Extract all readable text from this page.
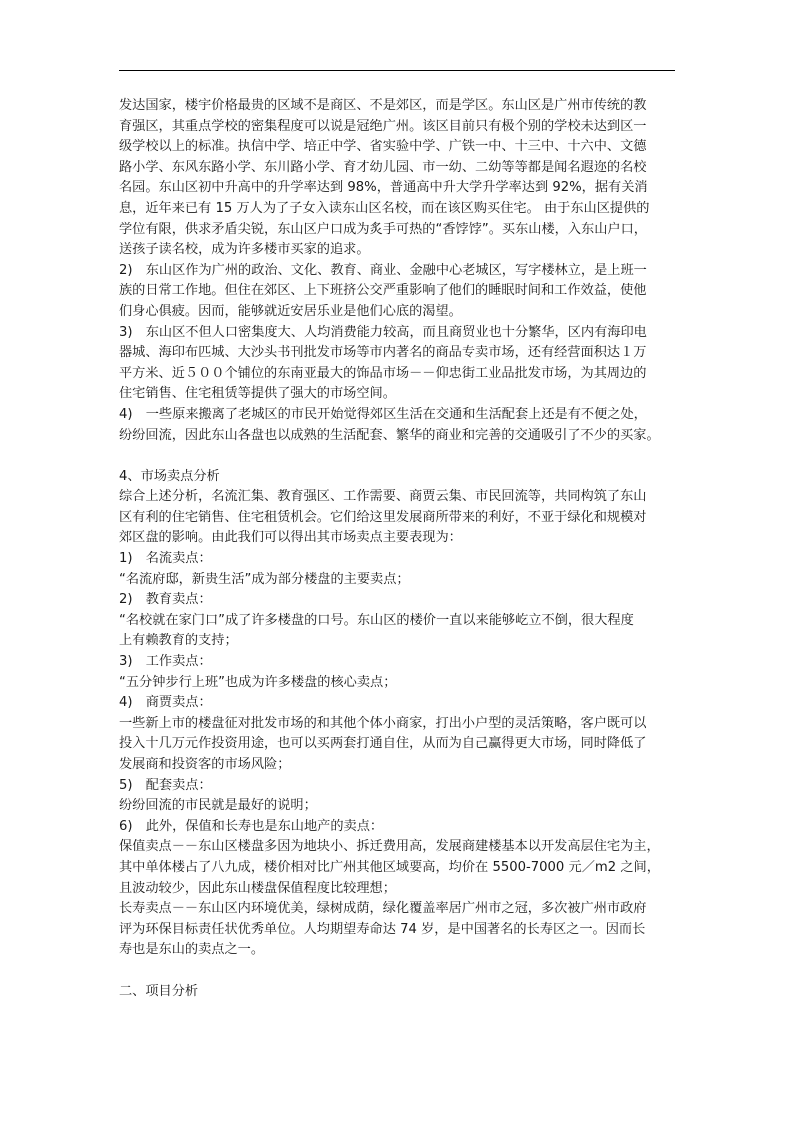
发达国家，楼宇价格最贵的区域不是商区、不是郊区，而是学区。东山区是广州市传统的教

育强区，其重点学校的密集程度可以说是冠绝广州。该区目前只有极个别的学校未达到区一

级学校以上的标准。执信中学、培正中学、省实验中学、广铁一中、十三中、十六中、文德

路小学、东风东路小学、东川路小学、育才幼儿园、市一幼、二幼等等都是闻名遐迩的名校

名园。东山区初中升高中的升学率达到 98%，普通高中升大学升学率达到 92%，据有关消

息，近年来已有 15 万人为了子女入读东山区名校，而在该区购买住宅。 由于东山区提供的

学位有限，供求矛盾尖锐，东山区户口成为炙手可热的“香饽饽”。买东山楼，入东山户口，

送孩子读名校，成为许多楼市买家的追求。

2)　东山区作为广州的政治、文化、教育、商业、金融中心老城区，写字楼林立，是上班一

族的日常工作地。但住在郊区、上下班挤公交严重影响了他们的睡眠时间和工作效益，使他

们身心俱疲。因而，能够就近安居乐业是他们心底的渴望。

3)　东山区不但人口密集度大、人均消费能力较高，而且商贸业也十分繁华，区内有海印电

器城、海印布匹城、大沙头书刊批发市场等市内著名的商品专卖市场，还有经营面积达１万

平方米、近５００个铺位的东南亚最大的饰品市场－－仰忠街工业品批发市场，为其周边的

住宅销售、住宅租赁等提供了强大的市场空间。

4)　一些原来搬离了老城区的市民开始觉得郊区生活在交通和生活配套上还是有不便之处，

纷纷回流，因此东山各盘也以成熟的生活配套、繁华的商业和完善的交通吸引了不少的买家。

4、市场卖点分析

综合上述分析，名流汇集、教育强区、工作需要、商贾云集、市民回流等，共同构筑了东山

区有利的住宅销售、住宅租赁机会。它们给这里发展商所带来的利好，不亚于绿化和规模对

郊区盘的影响。由此我们可以得出其市场卖点主要表现为：

1)　名流卖点：

“名流府邸，新贵生活”成为部分楼盘的主要卖点；

2)　教育卖点：

“名校就在家门口”成了许多楼盘的口号。东山区的楼价一直以来能够屹立不倒，很大程度

上有赖教育的支持；

3)　工作卖点：

“五分钟步行上班”也成为许多楼盘的核心卖点；

4)　商贾卖点：

一些新上市的楼盘征对批发市场的和其他个体小商家，打出小户型的灵活策略，客户既可以

投入十几万元作投资用途，也可以买两套打通自住，从而为自己赢得更大市场，同时降低了

发展商和投资客的市场风险；

5)　配套卖点：

纷纷回流的市民就是最好的说明；

6)　此外，保值和长寿也是东山地产的卖点：

保值卖点－－东山区楼盘多因为地块小、拆迁费用高，发展商建楼基本以开发高层住宅为主，

其中单体楼占了八九成，楼价相对比广州其他区域要高，均价在 5500-7000 元／m2 之间，

且波动较少，因此东山楼盘保值程度比较理想；

长寿卖点－－东山区内环境优美，绿树成荫，绿化覆盖率居广州市之冠，多次被广州市政府

评为环保目标责任状优秀单位。人均期望寿命达 74 岁，是中国著名的长寿区之一。因而长

寿也是东山的卖点之一。

二、项目分析
